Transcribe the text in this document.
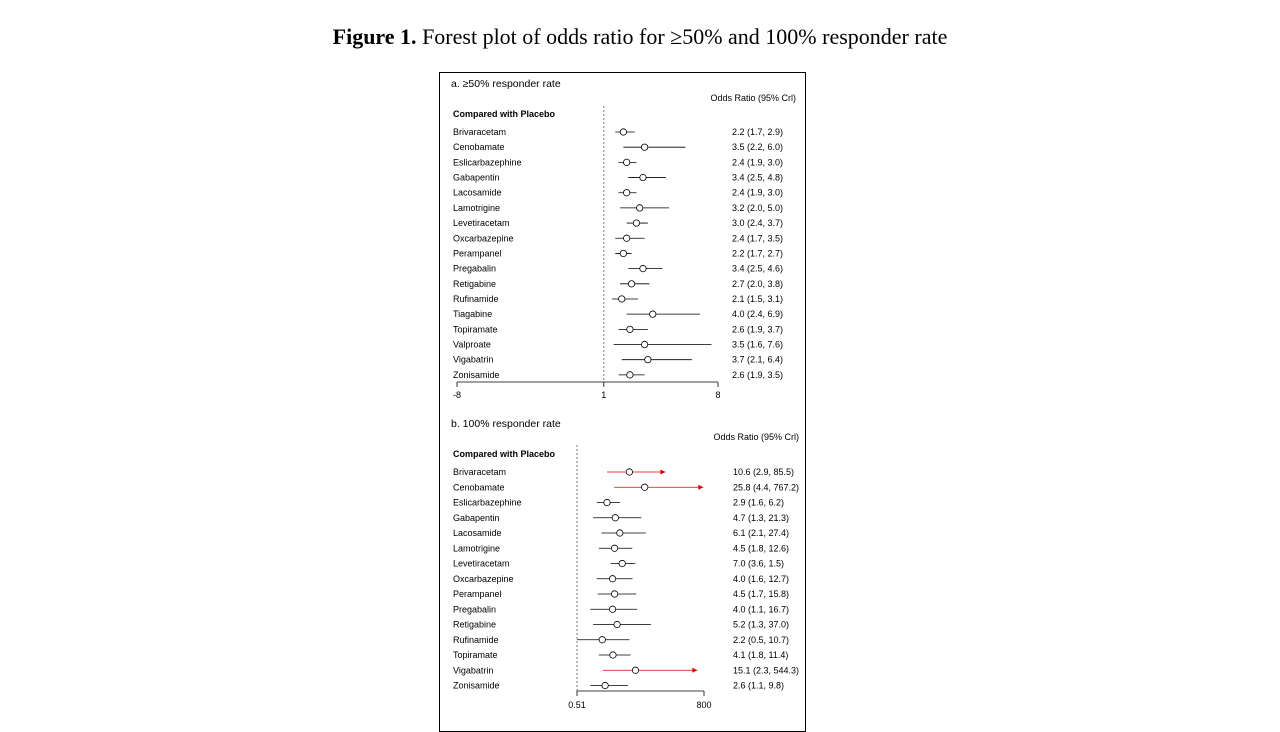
Figure 1. Forest plot of odds ratio for ≥50% and 100% responder rate
a. ≥50% responder rate
Odds Ratio (95% Crl)
Compared with Placebo
Brivaracetam	2.2 (1.7, 2.9)
Cenobamate	3.5 (2.2, 6.0)
Eslicarbazephine	2.4 (1.9, 3.0)
Gabapentin	3.4 (2.5, 4.8)
Lacosamide	2.4 (1.9, 3.0)
Lamotrigine	3.2 (2.0, 5.0)
Levetiracetam	3.0 (2.4, 3.7)
Oxcarbazepine	2.4 (1.7, 3.5)
Perampanel	2.2 (1.7, 2.7)
Pregabalin	3.4 (2.5, 4.6)
Retigabine	2.7 (2.0, 3.8)
Rufinamide	2.1 (1.5, 3.1)
Tiagabine	4.0 (2.4, 6.9)
Topiramate	2.6 (1.9, 3.7)
Valproate	3.5 (1.6, 7.6)
Vigabatrin	3.7 (2.1, 6.4)
Zonisamide	2.6 (1.9, 3.5)
-8	1	8
b. 100% responder rate
Odds Ratio (95% Crl)
Compared with Placebo
Brivaracetam	10.6 (2.9, 85.5)
Cenobamate	25.8 (4.4, 767.2)
Eslicarbazephine	2.9 (1.6, 6.2)
Gabapentin	4.7 (1.3, 21.3)
Lacosamide	6.1 (2.1, 27.4)
Lamotrigine	4.5 (1.8, 12.6)
Levetiracetam	7.0 (3.6, 1.5)
Oxcarbazepine	4.0 (1.6, 12.7)
Perampanel	4.5 (1.7, 15.8)
Pregabalin	4.0 (1.1, 16.7)
Retigabine	5.2 (1.3, 37.0)
Rufinamide	2.2 (0.5, 10.7)
Topiramate	4.1 (1.8, 11.4)
Vigabatrin	15.1 (2.3, 544.3)
Zonisamide	2.6 (1.1, 9.8)
0.51	800
